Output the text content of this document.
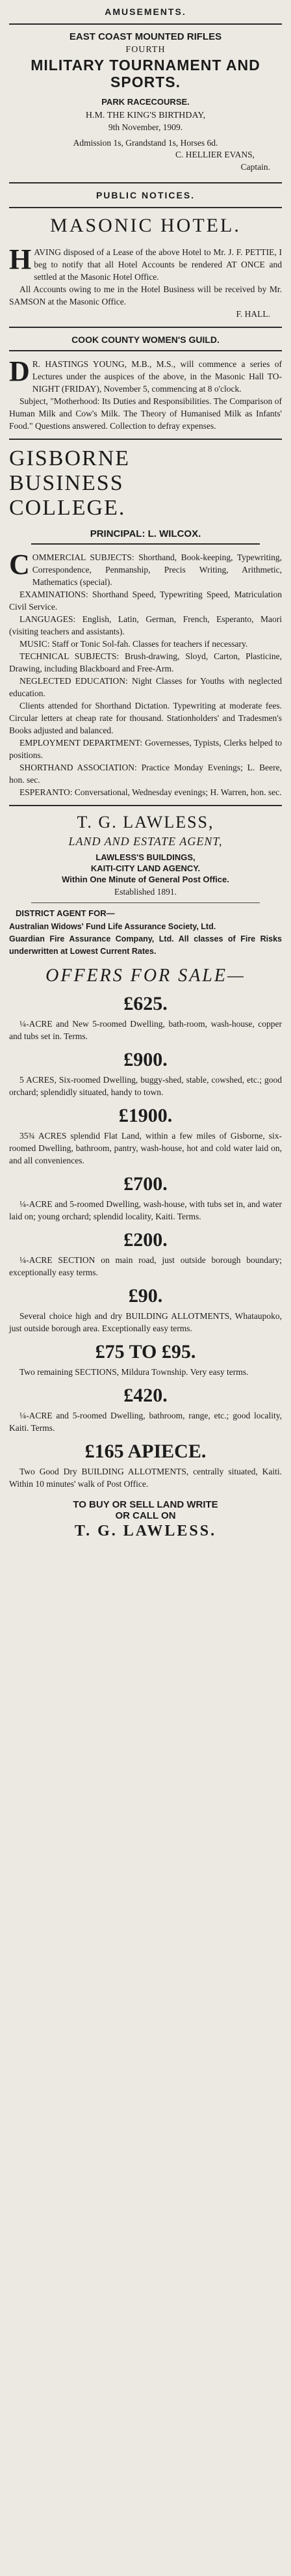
AMUSEMENTS.
EAST COAST MOUNTED RIFLES
FOURTH
MILITARY TOURNAMENT AND SPORTS.
PARK RACECOURSE.
H.M. THE KING'S BIRTHDAY,
9th November, 1909.
Admission 1s, Grandstand 1s, Horses 6d.
C. HELLIER EVANS,
Captain.
PUBLIC NOTICES.
MASONIC HOTEL.
HAVING disposed of a Lease of the above Hotel to Mr. J. F. PETTIE, I beg to notify that all Hotel Accounts be rendered AT ONCE and settled at the Masonic Hotel Office.
All Accounts owing to me in the Hotel Business will be received by Mr. SAMSON at the Masonic Office.
F. HALL.
COOK COUNTY WOMEN'S GUILD.
D R. HASTINGS YOUNG, M.B., M.S., will commence a series of Lectures under the auspices of the above, in the Masonic Hall TO-NIGHT (FRIDAY), November 5, commencing at 8 o'clock.
Subject, "Motherhood: Its Duties and Responsibilities. The Comparison of Human Milk and Cow's Milk. The Theory of Humanised Milk as Infants' Food." Questions answered. Collection to defray expenses.
GISBORNE
BUSINESS
COLLEGE.
PRINCIPAL: L. WILCOX.
COMMERCIAL SUBJECTS: Shorthand, Book-keeping, Typewriting, Correspondence, Penmanship, Precis Writing, Arithmetic, Mathematics (special).
EXAMINATIONS: Shorthand Speed, Typewriting Speed, Matriculation Civil Service.
LANGUAGES: English, Latin, German, French, Esperanto, Maori (visiting teachers and assistants).
MUSIC: Staff or Tonic Sol-fah. Classes for teachers if necessary.
TECHNICAL SUBJECTS: Brush-drawing, Sloyd, Carton, Plasticine, Drawing, including Blackboard and Free-Arm.
NEGLECTED EDUCATION: Night Classes for Youths with neglected education.
Clients attended for Shorthand Dictation. Typewriting at moderate fees. Circular letters at cheap rate for thousand. Stationholders' and Tradesmen's Books adjusted and balanced.
EMPLOYMENT DEPARTMENT: Governesses, Typists, Clerks helped to positions.
SHORTHAND ASSOCIATION: Practice Monday Evenings; L. Beere, hon. sec.
ESPERANTO: Conversational, Wednesday evenings; H. Warren, hon. sec.
T. G. LAWLESS,
LAND AND ESTATE AGENT,
LAWLESS'S BUILDINGS,
KAITI-CITY LAND AGENCY.
Within One Minute of General Post Office.
Established 1891.
DISTRICT AGENT FOR—
Australian Widows' Fund Life Assurance Society, Ltd.
Guardian Fire Assurance Company, Ltd. All classes of Fire Risks underwritten at Lowest Current Rates.
OFFERS FOR SALE—
£625.
¼-ACRE and New 5-roomed Dwelling, bath-room, wash-house, copper and tubs set in. Terms.
£900.
5 ACRES, Six-roomed Dwelling, buggy-shed, stable, cowshed, etc.; good orchard; splendidly situated, handy to town.
£1900.
35¾ ACRES splendid Flat Land, within a few miles of Gisborne, six-roomed Dwelling, bathroom, pantry, wash-house, hot and cold water laid on, and all conveniences.
£700.
¼-ACRE and 5-roomed Dwelling, wash-house, with tubs set in, and water laid on; young orchard; splendid locality, Kaiti. Terms.
£200.
¼-ACRE SECTION on main road, just outside borough boundary; exceptionally easy terms.
£90.
Several choice high and dry BUILDING ALLOTMENTS, Whataupoko, just outside borough area. Exceptionally easy terms.
£75 TO £95.
Two remaining SECTIONS, Mildura Township. Very easy terms.
£420.
¼-ACRE and 5-roomed Dwelling, bathroom, range, etc.; good locality, Kaiti. Terms.
£165 APIECE.
Two Good Dry BUILDING ALLOTMENTS, centrally situated, Kaiti. Within 10 minutes' walk of Post Office.
TO BUY OR SELL LAND WRITE
OR CALL ON
T. G. LAWLESS.
